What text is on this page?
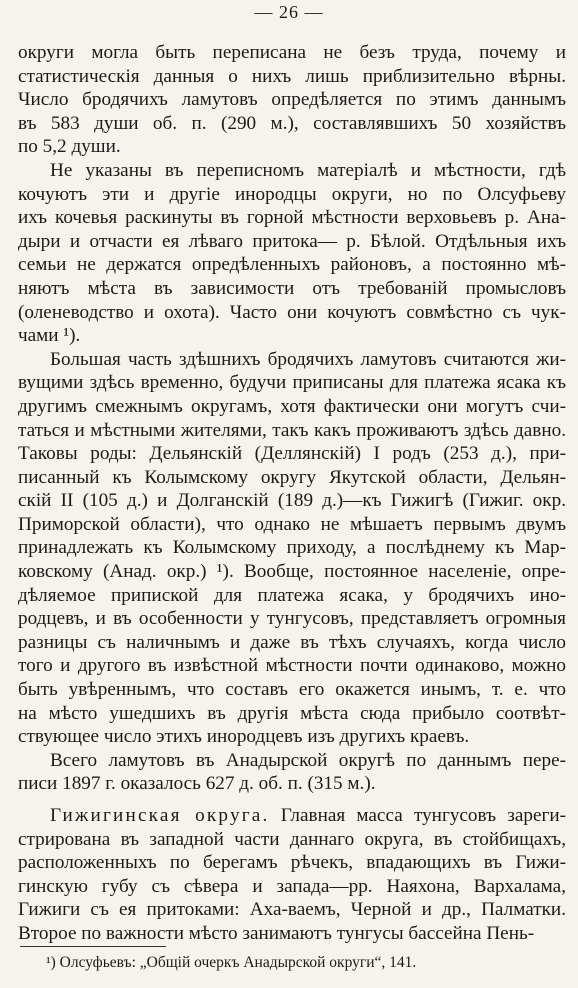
— 26 —
округи могла быть переписана не безъ труда, почему и
статистическія данныя о нихъ лишь приблизительно вѣрны.
Число бродячихъ ламутовъ опредѣляется по этимъ даннымъ
въ 583 души об. п. (290 м.), составлявшихъ 50 хозяйствъ
по 5,2 души.
Не указаны въ переписномъ матеріалѣ и мѣстности, гдѣ
кочуютъ эти и другіе инородцы округи, но по Олсуфьеву
ихъ кочевья раскинуты въ горной мѣстности верховьевъ р. Ана-
дыри и отчасти ея лѣваго притока— р. Бѣлой. Отдѣльныя ихъ
семьи не держатся опредѣленныхъ районовъ, а постоянно мѣ-
няютъ мѣста въ зависимости отъ требованій промысловъ
(оленеводство и охота). Часто они кочуютъ совмѣстно съ чук-
чами ¹).
Большая часть здѣшнихъ бродячихъ ламутовъ считаются жи-
вущими здѣсь временно, будучи приписаны для платежа ясака къ
другимъ смежнымъ округамъ, хотя фактически они могутъ счи-
таться и мѣстными жителями, такъ какъ проживаютъ здѣсь давно.
Таковы роды: Дельянскій (Деллянскій) I родъ (253 д.), при-
писанный къ Колымскому округу Якутской области, Дельян-
скій II (105 д.) и Долганскій (189 д.)—къ Гижигѣ (Гижиг. окр.
Приморской области), что однако не мѣшаетъ первымъ двумъ
принадлежать къ Колымскому приходу, а послѣднему къ Мар-
ковскому (Анад. окр.) ¹). Вообще, постоянное населеніе, опре-
дѣляемое припиской для платежа ясака, у бродячихъ ино-
родцевъ, и въ особенности у тунгусовъ, представляетъ огромныя
разницы съ наличнымъ и даже въ тѣхъ случаяхъ, когда число
того и другого въ извѣстной мѣстности почти одинаково, можно
быть увѣреннымъ, что составъ его окажется инымъ, т. е. что
на мѣсто ушедшихъ въ другія мѣста сюда прибыло соотвѣт-
ствующее число этихъ инородцевъ изъ другихъ краевъ.
Всего ламутовъ въ Анадырской округѣ по даннымъ пере-
писи 1897 г. оказалось 627 д. об. п. (315 м.).
Гижигинская округа. Главная масса тунгусовъ зареги-
стрирована въ западной части даннаго округа, въ стойбищахъ,
расположенныхъ по берегамъ рѣчекъ, впадающихъ въ Гижи-
гинскую губу съ сѣвера и запада—рр. Наяхона, Вархалама,
Гижиги съ ея притоками: Аха-ваемъ, Черной и др., Палматки.
Второе по важности мѣсто занимаютъ тунгусы бассейна Пень-
¹) Олсуфьевъ: „Общій очеркъ Анадырской округи“, 141.
